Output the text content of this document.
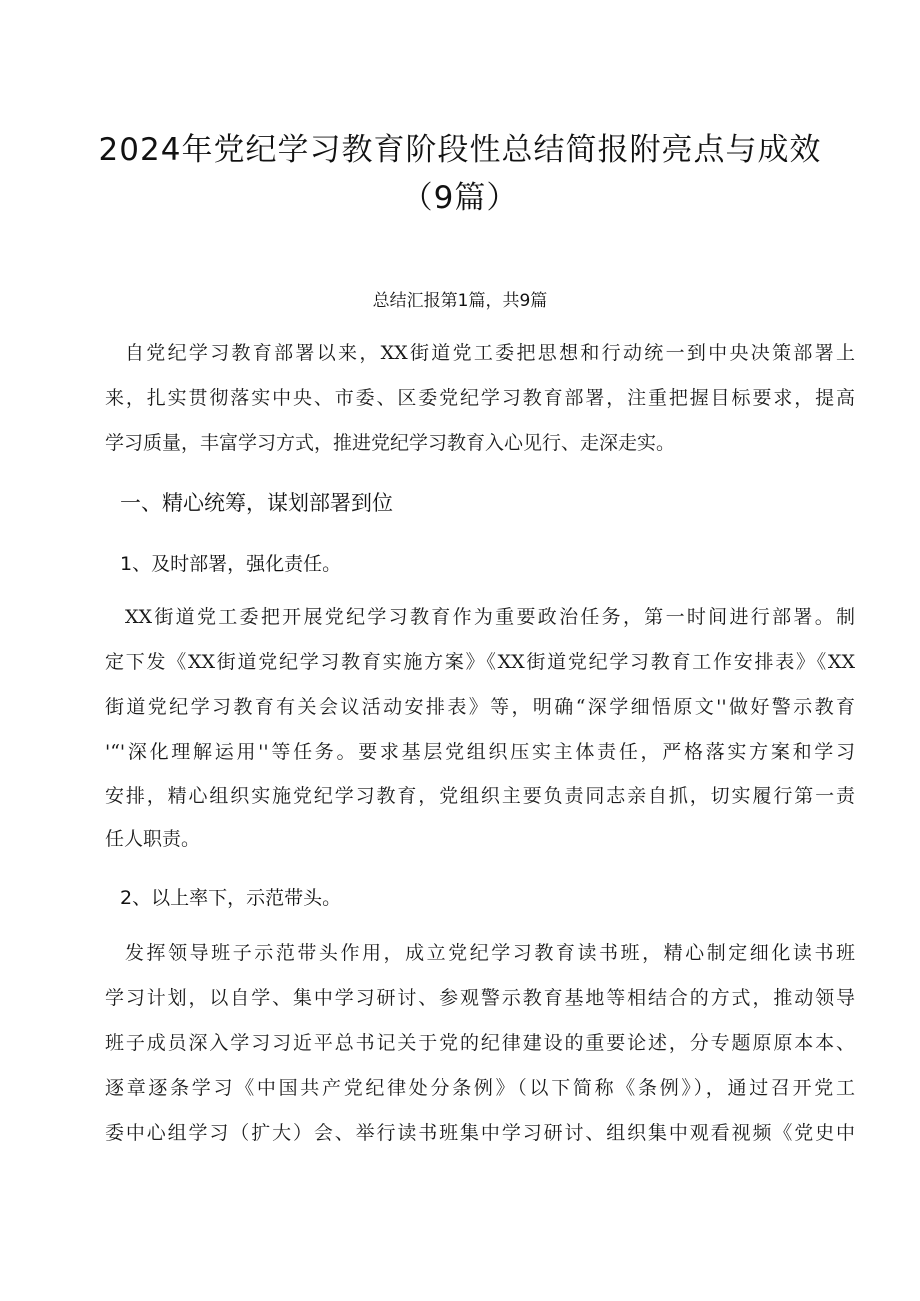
2024年党纪学习教育阶段性总结简报附亮点与成效
（9篇）
总结汇报第1篇，共9篇
自党纪学习教育部署以来，XX街道党工委把思想和行动统一到中央决策部署上
来，扎实贯彻落实中央、市委、区委党纪学习教育部署，注重把握目标要求，提高
学习质量，丰富学习方式，推进党纪学习教育入心见行、走深走实。
一、精心统筹，谋划部署到位
1、及时部署，强化责任。
XX街道党工委把开展党纪学习教育作为重要政治任务，第一时间进行部署。制
定下发《XX街道党纪学习教育实施方案》《XX街道党纪学习教育工作安排表》《XX
街道党纪学习教育有关会议活动安排表》等，明确“深学细悟原文''做好警示教育
'“'深化理解运用''等任务。要求基层党组织压实主体责任，严格落实方案和学习
安排，精心组织实施党纪学习教育，党组织主要负责同志亲自抓，切实履行第一责
任人职责。
2、以上率下，示范带头。
发挥领导班子示范带头作用，成立党纪学习教育读书班，精心制定细化读书班
学习计划，以自学、集中学习研讨、参观警示教育基地等相结合的方式，推动领导
班子成员深入学习习近平总书记关于党的纪律建设的重要论述，分专题原原本本、
逐章逐条学习《中国共产党纪律处分条例》（以下简称《条例》），通过召开党工
委中心组学习（扩大）会、举行读书班集中学习研讨、组织集中观看视频《党史中
